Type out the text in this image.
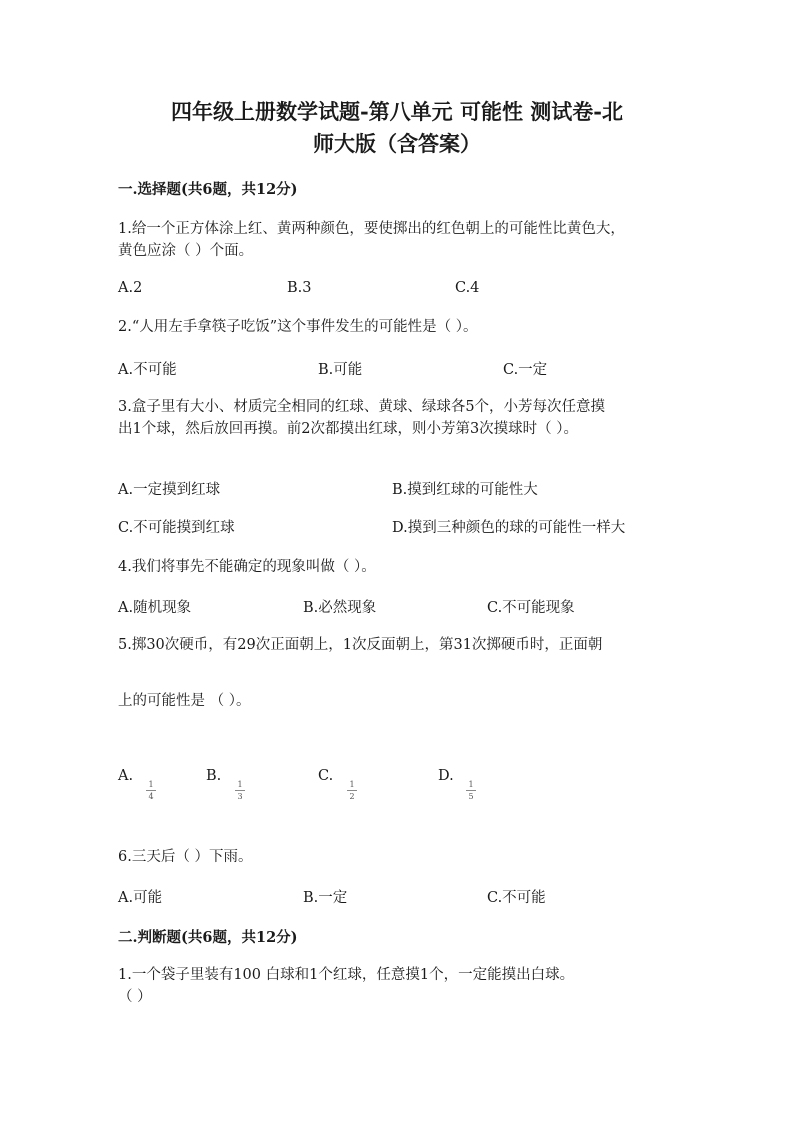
四年级上册数学试题-第八单元 可能性 测试卷-北
师大版（含答案）
一.选择题(共6题，共12分)
1.给一个正方体涂上红、黄两种颜色，要使掷出的红色朝上的可能性比黄色大，
黄色应涂（ ）个面。
A.2	B.3	C.4
2.“人用左手拿筷子吃饭”这个事件发生的可能性是（ ）。
A.不可能	B.可能	C.一定
3.盒子里有大小、材质完全相同的红球、黄球、绿球各5个，小芳每次任意摸
出1个球，然后放回再摸。前2次都摸出红球，则小芳第3次摸球时（ ）。
A.一定摸到红球	B.摸到红球的可能性大
C.不可能摸到红球	D.摸到三种颜色的球的可能性一样大
4.我们将事先不能确定的现象叫做（ ）。
A.随机现象	B.必然现象	C.不可能现象
5.掷30次硬币，有29次正面朝上，1次反面朝上，第31次掷硬币时，正面朝
上的可能性是 （ ）。
A.
1
4
B.
1
3
C.
1
2
D.
1
5
6.三天后（ ）下雨。
A.可能	B.一定	C.不可能
二.判断题(共6题，共12分)
1.一个袋子里装有100 白球和1个红球，任意摸1个，一定能摸出白球。
（ ）
